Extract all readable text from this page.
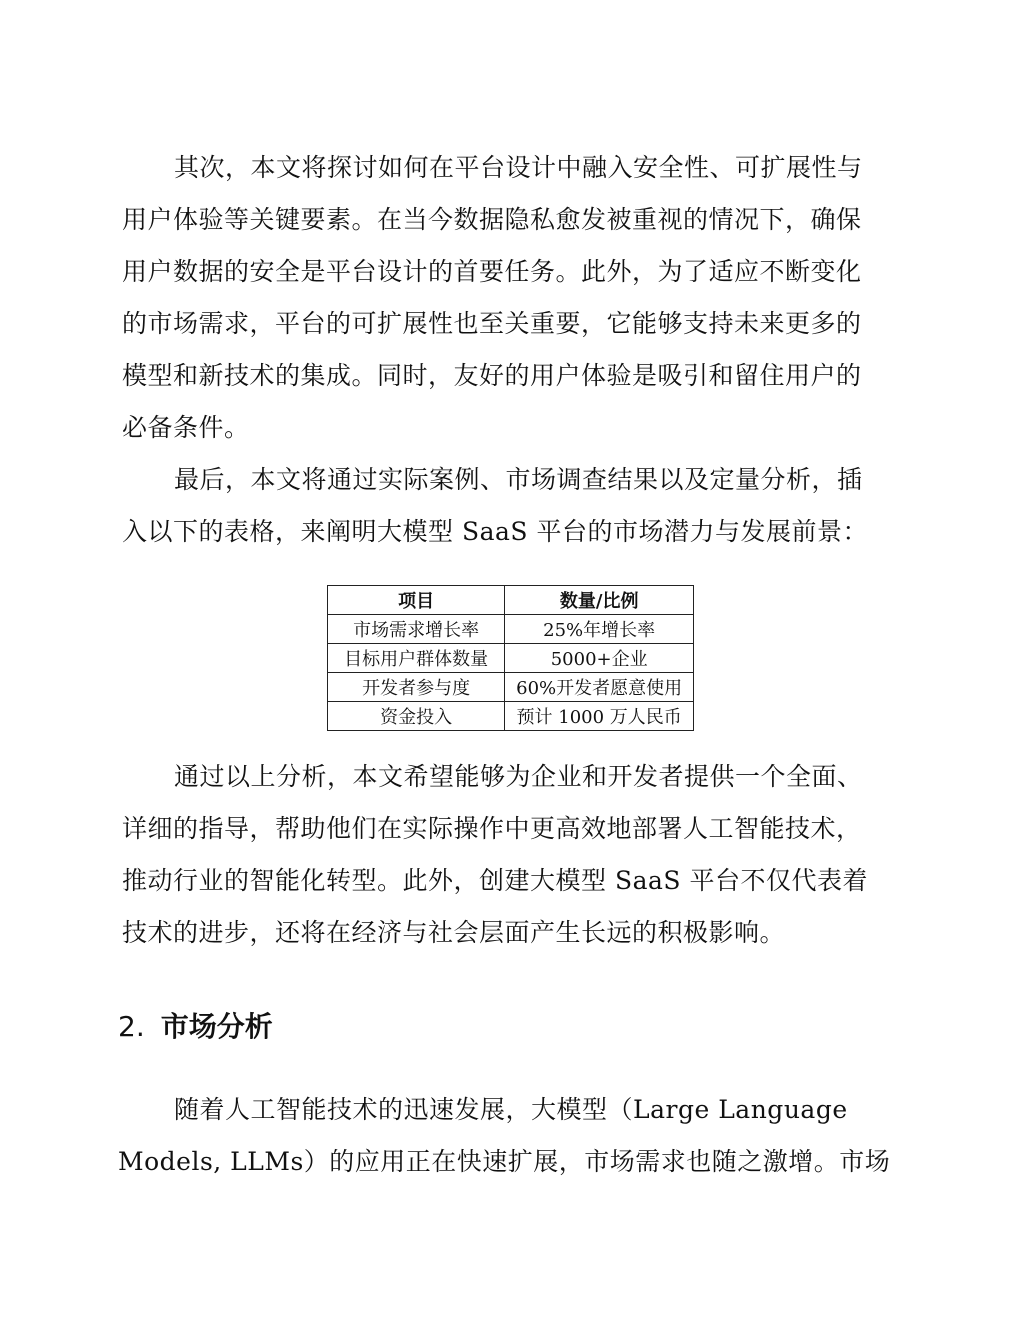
其次，本文将探讨如何在平台设计中融入安全性、可扩展性与
用户体验等关键要素。在当今数据隐私愈发被重视的情况下，确保
用户数据的安全是平台设计的首要任务。此外，为了适应不断变化
的市场需求，平台的可扩展性也至关重要，它能够支持未来更多的
模型和新技术的集成。同时，友好的用户体验是吸引和留住用户的
必备条件。

最后，本文将通过实际案例、市场调查结果以及定量分析，插
入以下的表格，来阐明大模型 SaaS 平台的市场潜力与发展前景：

项目	数量/比例
市场需求增长率	25%年增长率
目标用户群体数量	5000+企业
开发者参与度	60%开发者愿意使用
资金投入	预计 1000 万人民币

通过以上分析，本文希望能够为企业和开发者提供一个全面、
详细的指导，帮助他们在实际操作中更高效地部署人工智能技术，
推动行业的智能化转型。此外，创建大模型 SaaS 平台不仅代表着
技术的进步，还将在经济与社会层面产生长远的积极影响。

2. 市场分析

随着人工智能技术的迅速发展，大模型（Large Language
Models, LLMs）的应用正在快速扩展，市场需求也随之激增。市场
